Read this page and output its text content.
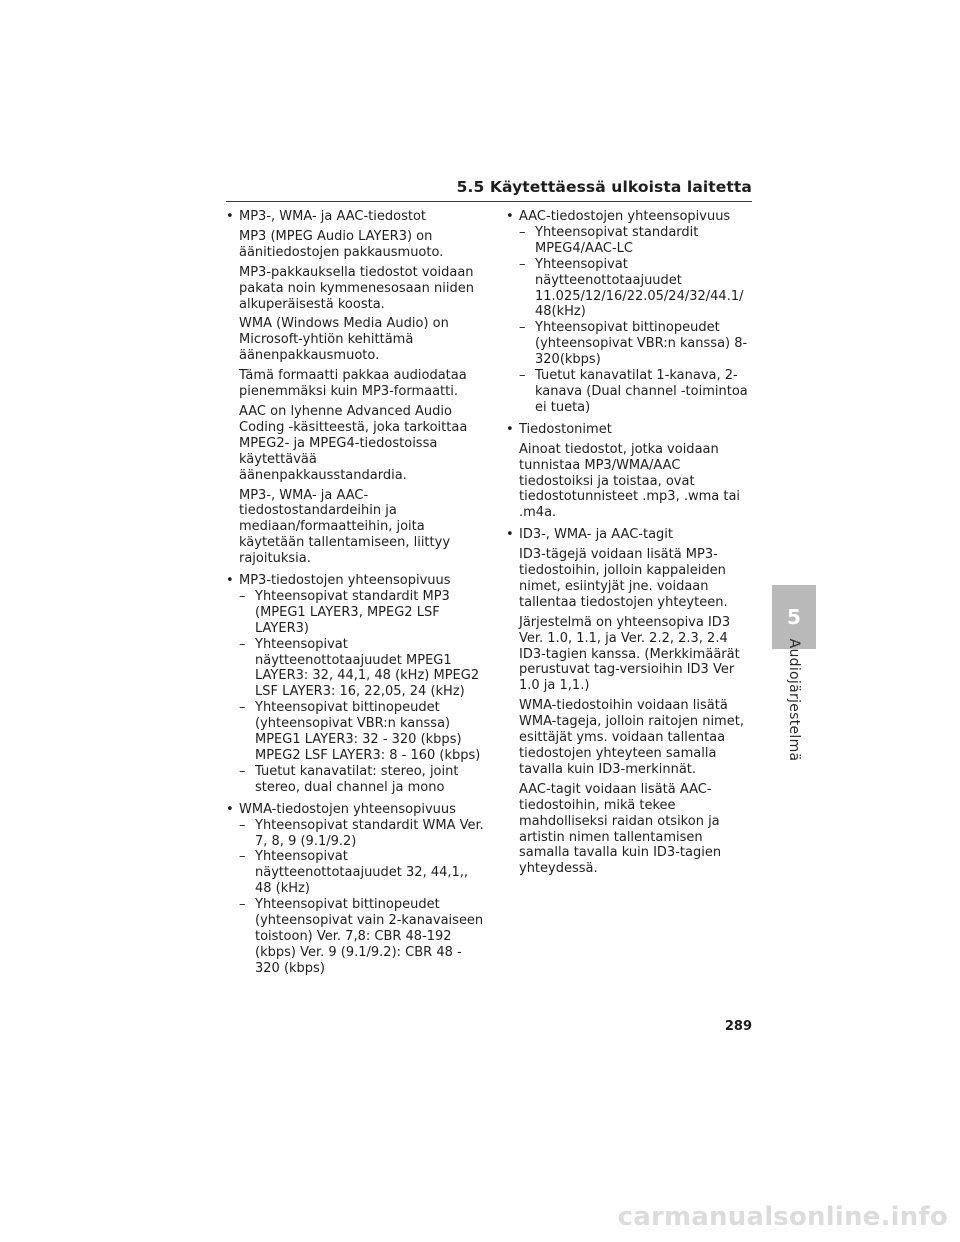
5.5 Käytettäessä ulkoista laitetta
• MP3-, WMA- ja AAC-tiedostot
MP3 (MPEG Audio LAYER3) on äänitiedostojen pakkausmuoto.
MP3-pakkauksella tiedostot voidaan pakata noin kymmenesosaan niiden alkuperäisestä koosta.
WMA (Windows Media Audio) on Microsoft-yhtiön kehittämä äänenpakkausmuoto.
Tämä formaatti pakkaa audiodataa pienemmäksi kuin MP3-formaatti.
AAC on lyhenne Advanced Audio Coding -käsitteestä, joka tarkoittaa MPEG2- ja MPEG4-tiedostoissa käytettävää äänenpakkausstandardia.
MP3-, WMA- ja AAC-tiedostostandardeihin ja mediaan/formaatteihin, joita käytetään tallentamiseen, liittyy rajoituksia.
• MP3-tiedostojen yhteensopivuus
– Yhteensopivat standardit MP3 (MPEG1 LAYER3, MPEG2 LSF LAYER3)
– Yhteensopivat näytteenottotaajuudet MPEG1 LAYER3: 32, 44,1, 48 (kHz) MPEG2 LSF LAYER3: 16, 22,05, 24 (kHz)
– Yhteensopivat bittinopeudet (yhteensopivat VBR:n kanssa) MPEG1 LAYER3: 32 - 320 (kbps) MPEG2 LSF LAYER3: 8 - 160 (kbps)
– Tuetut kanavatilat: stereo, joint stereo, dual channel ja mono
• WMA-tiedostojen yhteensopivuus
– Yhteensopivat standardit WMA Ver. 7, 8, 9 (9.1/9.2)
– Yhteensopivat näytteenottotaajuudet 32, 44,1,, 48 (kHz)
– Yhteensopivat bittinopeudet (yhteensopivat vain 2-kanavaiseen toistoon) Ver. 7,8: CBR 48-192 (kbps) Ver. 9 (9.1/9.2): CBR 48 - 320 (kbps)
• AAC-tiedostojen yhteensopivuus
– Yhteensopivat standardit MPEG4/AAC-LC
– Yhteensopivat näytteenottotaajuudet 11.025/12/16/22.05/24/32/44.1/ 48(kHz)
– Yhteensopivat bittinopeudet (yhteensopivat VBR:n kanssa) 8-320(kbps)
– Tuetut kanavatilat 1-kanava, 2-kanava (Dual channel -toimintoa ei tueta)
• Tiedostonimet
Ainoat tiedostot, jotka voidaan tunnistaa MP3/WMA/AAC tiedostoiksi ja toistaa, ovat tiedostotunnisteet .mp3, .wma tai .m4a.
• ID3-, WMA- ja AAC-tagit
ID3-tägejä voidaan lisätä MP3-tiedostoihin, jolloin kappaleiden nimet, esiintyjät jne. voidaan tallentaa tiedostojen yhteyteen.
Järjestelmä on yhteensopiva ID3 Ver. 1.0, 1.1, ja Ver. 2.2, 2.3, 2.4 ID3-tagien kanssa. (Merkkimäärät perustuvat tag-versioihin ID3 Ver 1.0 ja 1,1.)
WMA-tiedostoihin voidaan lisätä WMA-tageja, jolloin raitojen nimet, esittäjät yms. voidaan tallentaa tiedostojen yhteyteen samalla tavalla kuin ID3-merkinnät.
AAC-tagit voidaan lisätä AAC-tiedostoihin, mikä tekee mahdolliseksi raidan otsikon ja artistin nimen tallentamisen samalla tavalla kuin ID3-tagien yhteydessä.
5
Audiojärjestelmä
289
carmanualsonline.info
